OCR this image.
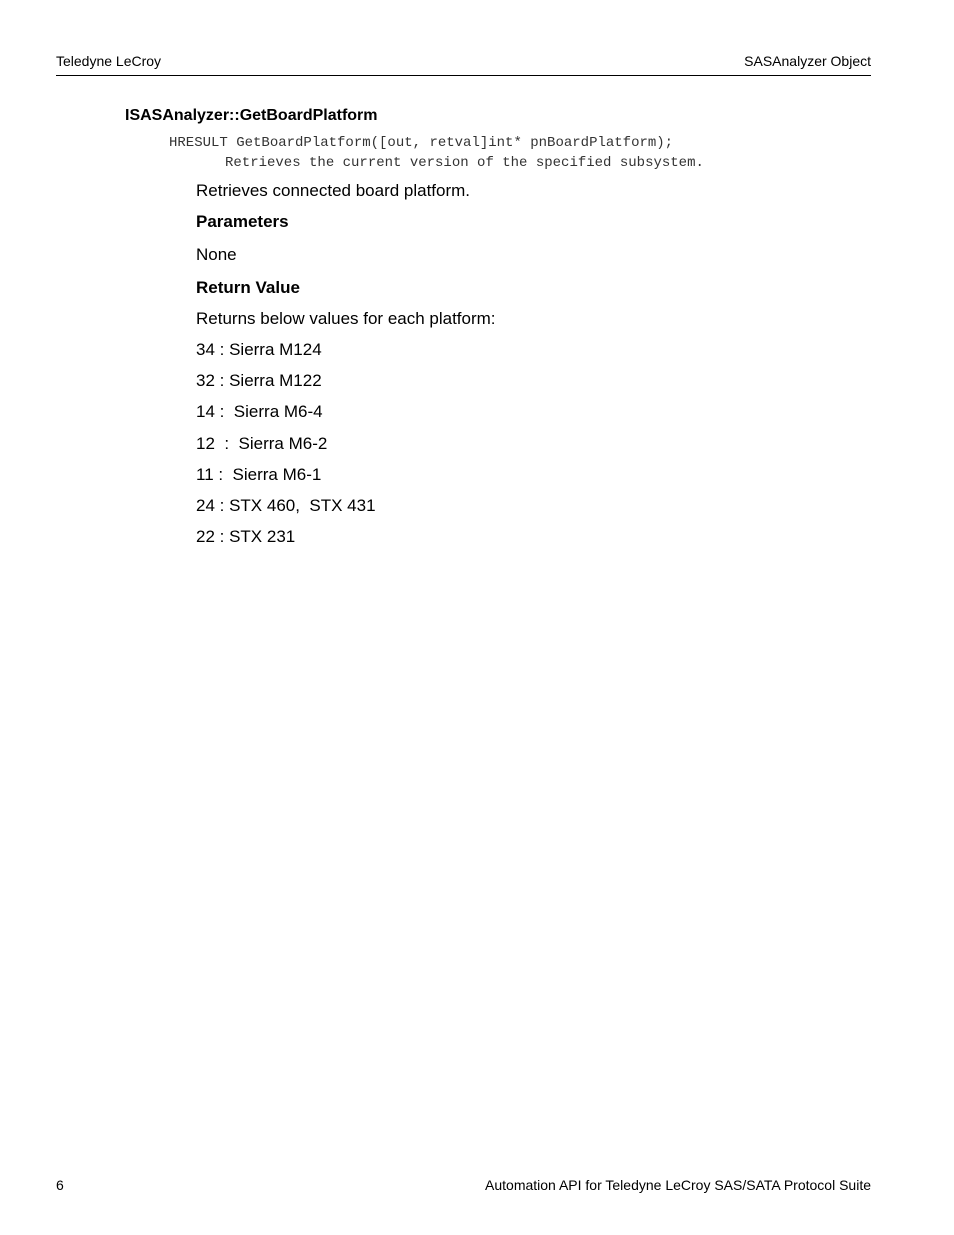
Teledyne LeCroy	SASAnalyzer Object
ISASAnalyzer::GetBoardPlatform
HRESULT GetBoardPlatform([out, retval]int* pnBoardPlatform);
Retrieves the current version of the specified subsystem.
Retrieves connected board platform.
Parameters
None
Return Value
Returns below values for each platform:
34 : Sierra M124
32 : Sierra M122
14 :  Sierra M6-4
12  :  Sierra M6-2
11 :  Sierra M6-1
24 : STX 460,  STX 431
22 : STX 231
6	Automation API for Teledyne LeCroy SAS/SATA Protocol Suite
